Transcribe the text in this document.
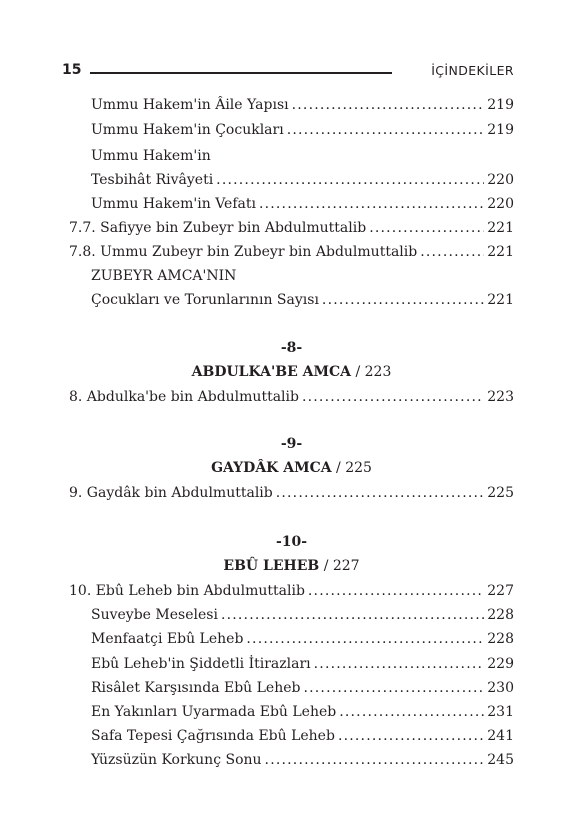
15	İÇİNDEKİLER
Ummu Hakem'in Âile Yapısı .....	219
Ummu Hakem'in Çocukları .....	219
Ummu Hakem'in
Tesbihât Rivâyeti .....	220
Ummu Hakem'in Vefatı .....	220
7.7. Safiyye bin Zubeyr bin Abdulmuttalib .....	221
7.8. Ummu Zubeyr bin Zubeyr bin Abdulmuttalib .....	221
ZUBEYR AMCA'NIN
Çocukları ve Torunlarının Sayısı .....	221
-8-
ABDULKA'BE AMCA / 223
8. Abdulka'be bin Abdulmuttalib .....	223
-9-
GAYDÂK AMCA / 225
9. Gaydâk bin Abdulmuttalib .....	225
-10-
EBÛ LEHEB / 227
10. Ebû Leheb bin Abdulmuttalib .....	227
Suveybe Meselesi .....	228
Menfaatçi Ebû Leheb .....	228
Ebû Leheb'in Şiddetli İtirazları .....	229
Risâlet Karşısında Ebû Leheb .....	230
En Yakınları Uyarmada Ebû Leheb .....	231
Safa Tepesi Çağrısında Ebû Leheb .....	241
Yüzsüzün Korkunç Sonu .....	245
